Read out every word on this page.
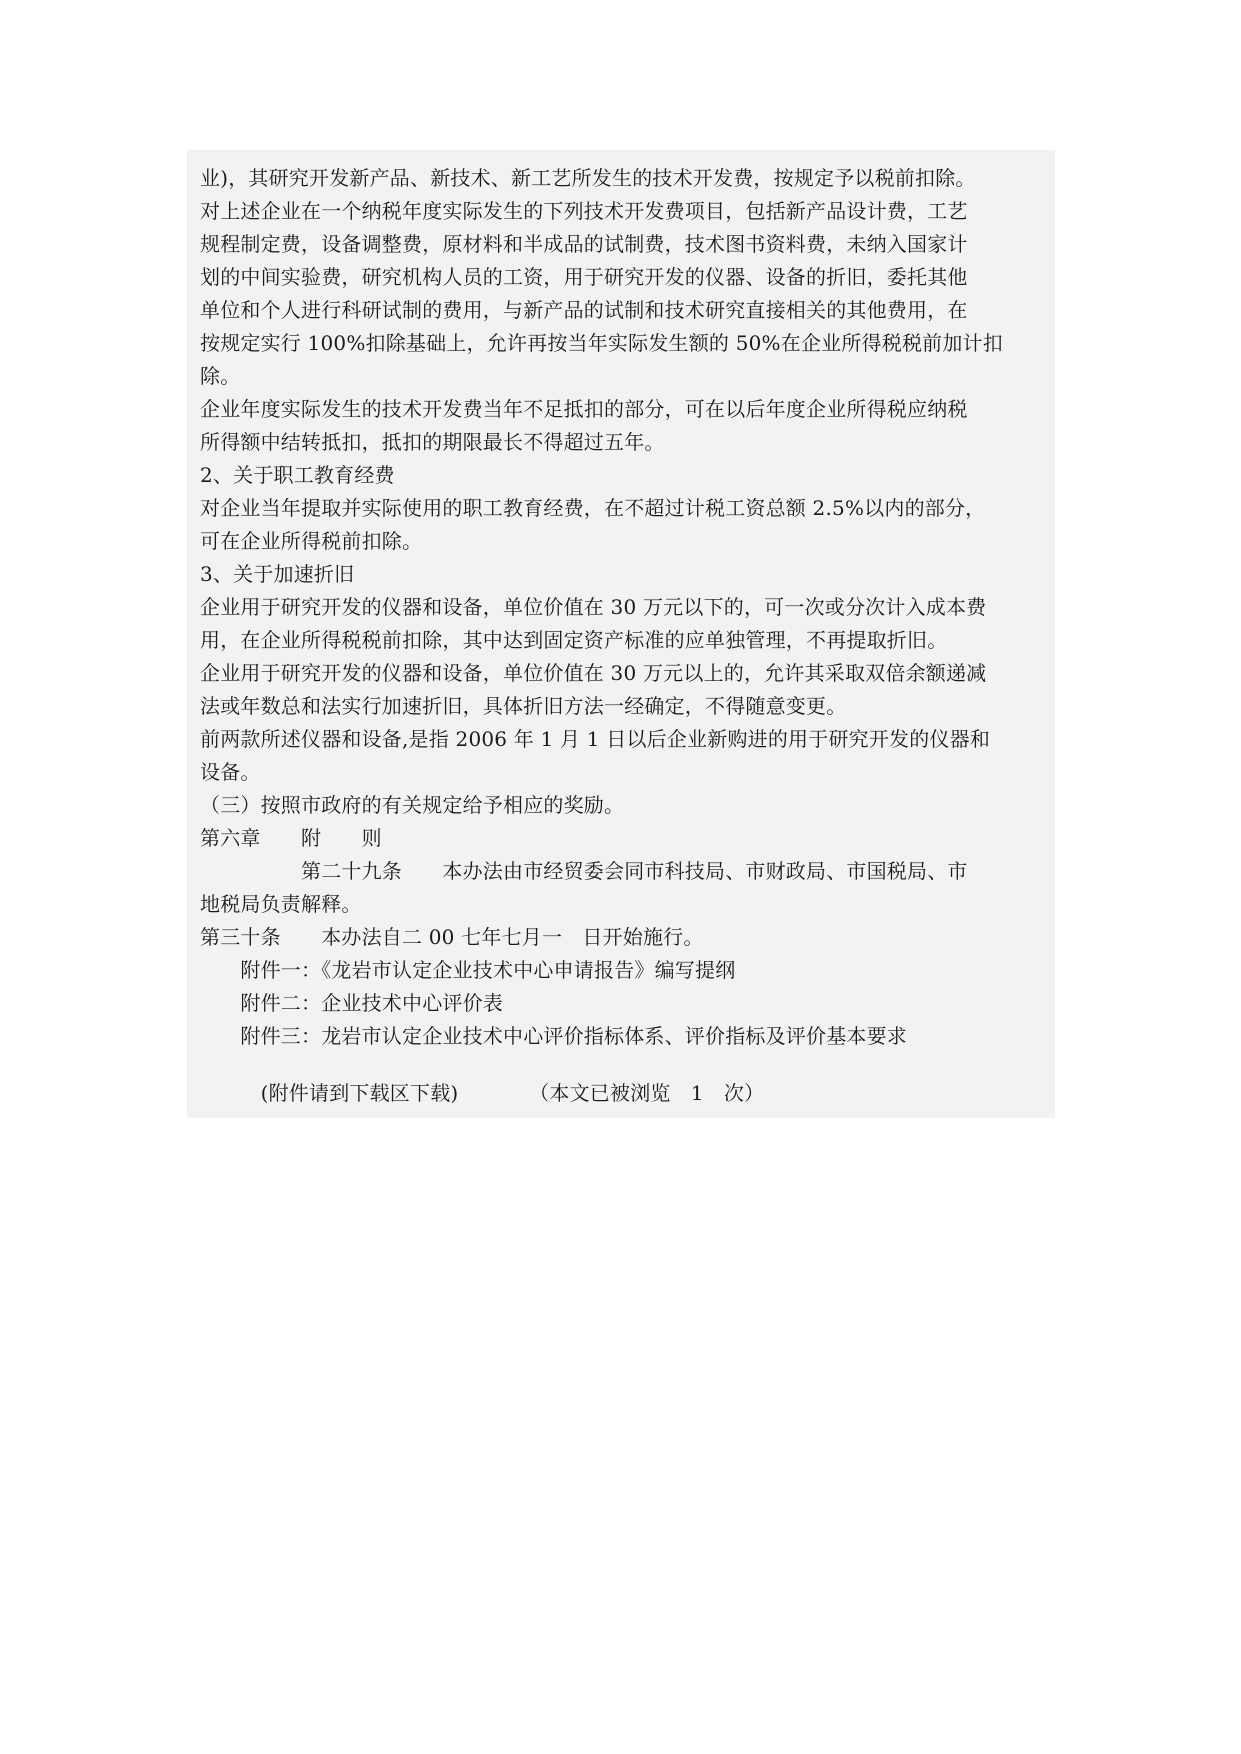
业)，其研究开发新产品、新技术、新工艺所发生的技术开发费，按规定予以税前扣除。
对上述企业在一个纳税年度实际发生的下列技术开发费项目，包括新产品设计费，工艺
规程制定费，设备调整费，原材料和半成品的试制费，技术图书资料费，未纳入国家计
划的中间实验费，研究机构人员的工资，用于研究开发的仪器、设备的折旧，委托其他
单位和个人进行科研试制的费用，与新产品的试制和技术研究直接相关的其他费用，在
按规定实行 100%扣除基础上，允许再按当年实际发生额的 50%在企业所得税税前加计扣
除。
企业年度实际发生的技术开发费当年不足抵扣的部分，可在以后年度企业所得税应纳税
所得额中结转抵扣，抵扣的期限最长不得超过五年。
2、关于职工教育经费
对企业当年提取并实际使用的职工教育经费，在不超过计税工资总额 2.5%以内的部分，
可在企业所得税前扣除。
3、关于加速折旧
企业用于研究开发的仪器和设备，单位价值在 30 万元以下的，可一次或分次计入成本费
用，在企业所得税税前扣除，其中达到固定资产标准的应单独管理，不再提取折旧。
企业用于研究开发的仪器和设备，单位价值在 30 万元以上的，允许其采取双倍余额递减
法或年数总和法实行加速折旧，具体折旧方法一经确定，不得随意变更。
前两款所述仪器和设备,是指 2006 年 1 月 1 日以后企业新购进的用于研究开发的仪器和
设备。
（三）按照市政府的有关规定给予相应的奖励。
第六章　　附　　则
　　　　　第二十九条　　本办法由市经贸委会同市科技局、市财政局、市国税局、市
地税局负责解释。
第三十条　　本办法自二 00 七年七月一　日开始施行。
　　附件一：《龙岩市认定企业技术中心申请报告》编写提纲
　　附件二：企业技术中心评价表
　　附件三：龙岩市认定企业技术中心评价指标体系、评价指标及评价基本要求
　　　(附件请到下载区下载)　　　　（本文已被浏览　1　次）
